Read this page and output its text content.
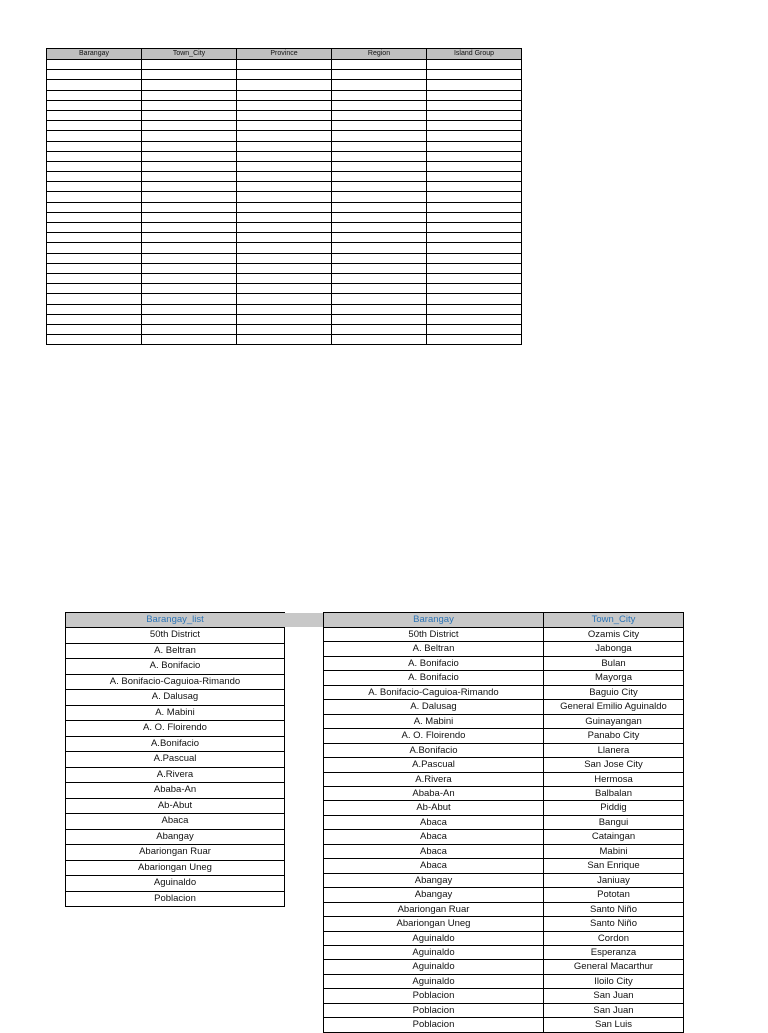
Barangay	Town_City	Province	Region	Island Group

Barangay_list
50th District
A. Beltran
A. Bonifacio
A. Bonifacio-Caguioa-Rimando
A. Dalusag
A. Mabini
A. O. Floirendo
A.Bonifacio
A.Pascual
A.Rivera
Ababa-An
Ab-Abut
Abaca
Abangay
Abariongan Ruar
Abariongan Uneg
Aguinaldo
Poblacion
Barangay	Town_City
50th District	Ozamis City
A. Beltran	Jabonga
A. Bonifacio	Bulan
A. Bonifacio	Mayorga
A. Bonifacio-Caguioa-Rimando	Baguio City
A. Dalusag	General Emilio Aguinaldo
A. Mabini	Guinayangan
A. O. Floirendo	Panabo City
A.Bonifacio	Llanera
A.Pascual	San Jose City
A.Rivera	Hermosa
Ababa-An	Balbalan
Ab-Abut	Piddig
Abaca	Bangui
Abaca	Cataingan
Abaca	Mabini
Abaca	San Enrique
Abangay	Janiuay
Abangay	Pototan
Abariongan Ruar	Santo Niño
Abariongan Uneg	Santo Niño
Aguinaldo	Cordon
Aguinaldo	Esperanza
Aguinaldo	General Macarthur
Aguinaldo	Iloilo City
Poblacion	San Juan
Poblacion	San Juan
Poblacion	San Luis
